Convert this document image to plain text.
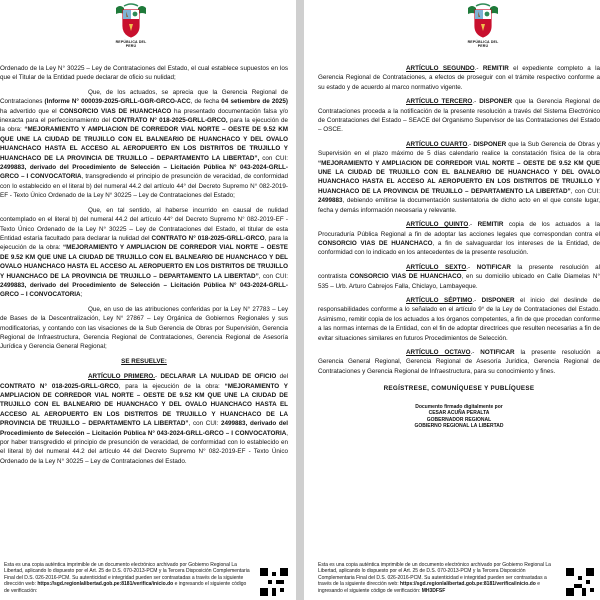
REPÚBLICA DEL PERÚ

Ordenado de la Ley N° 30225 – Ley de Contrataciones del Estado, el cual establece supuestos en los que el Titular de la Entidad puede declarar de oficio su nulidad;

Que, de los actuados, se aprecia que la Gerencia Regional de Contrataciones (Informe N° 000039-2025-GRLL-GGR-GRCO-ACC, de fecha 04 setiembre de 2025) ha advertido que el CONSORCIO VIAS DE HUANCHACO ha presentado documentación falsa y/o inexacta para el perfeccionamiento del CONTRATO N° 018-2025-GRLL-GRCO, para la ejecución de la obra: “MEJORAMIENTO Y AMPLIACION DE CORREDOR VIAL NORTE – OESTE DE 9.52 KM QUE UNE LA CIUDAD DE TRUJILLO CON EL BALNEARIO DE HUANCHACO Y DEL OVALO HUANCHACO HASTA EL ACCESO AL AEROPUERTO EN LOS DISTRITOS DE TRUJILLO Y HUANCHACO DE LA PROVINCIA DE TRUJILLO – DEPARTAMENTO LA LIBERTAD”, con CUI: 2499883, derivado del Procedimiento de Selección – Licitación Pública N° 043-2024-GRLL-GRCO – I CONVOCATORIA, transgrediendo el principio de presunción de veracidad, de conformidad con lo establecido en el literal b) del numeral 44.2 del artículo 44° del Decreto Supremo N° 082-2019-EF - Texto Único Ordenado de la Ley N° 30225 – Ley de Contrataciones del Estado;

Que, en tal sentido, al haberse incurrido en causal de nulidad contemplado en el literal b) del numeral 44.2 del artículo 44° del Decreto Supremo N° 082-2019-EF - Texto Único Ordenado de la Ley N° 30225 – Ley de Contrataciones del Estado, el titular de esta Entidad estaría facultado para declarar la nulidad del CONTRATO N° 018-2025-GRLL-GRCO, para la ejecución de la obra: “MEJORAMIENTO Y AMPLIACION DE CORREDOR VIAL NORTE – OESTE DE 9.52 KM QUE UNE LA CIUDAD DE TRUJILLO CON EL BALNEARIO DE HUANCHACO Y DEL OVALO HUANCHACO HASTA EL ACCESO AL AEROPUERTO EN LOS DISTRITOS DE TRUJILLO Y HUANCHACO DE LA PROVINCIA DE TRUJILLO – DEPARTAMENTO LA LIBERTAD”, con CUI: 2499883, derivado del Procedimiento de Selección – Licitación Pública N° 043-2024-GRLL-GRCO – I CONVOCATORIA;

Que, en uso de las atribuciones conferidas por la Ley N° 27783 – Ley de Bases de la Descentralización, Ley N° 27867 – Ley Orgánica de Gobiernos Regionales y sus modificatorias, y contando con las visaciones de la Sub Gerencia de Obras por Supervisión, Gerencia Regional de Infraestructura, Gerencia Regional de Contrataciones, Gerencia Regional de Asesoría Jurídica y Gerencia General Regional;

SE RESUELVE:

ARTÍCULO PRIMERO.- DECLARAR LA NULIDAD DE OFICIO del CONTRATO N° 018-2025-GRLL-GRCO, para la ejecución de la obra: “MEJORAMIENTO Y AMPLIACION DE CORREDOR VIAL NORTE – OESTE DE 9.52 KM QUE UNE LA CIUDAD DE TRUJILLO CON EL BALNEARIO DE HUANCHACO Y DEL OVALO HUANCHACO HASTA EL ACCESO AL AEROPUERTO EN LOS DISTRITOS DE TRUJILLO Y HUANCHACO DE LA PROVINCIA DE TRUJILLO – DEPARTAMENTO LA LIBERTAD”, con CUI: 2499883, derivado del Procedimiento de Selección – Licitación Pública N° 043-2024-GRLL-GRCO – I CONVOCATORIA, por haber transgredido el principio de presunción de veracidad, de conformidad con lo establecido en el literal b) del numeral 44.2 del artículo 44 del Decreto Supremo N° 082-2019-EF - Texto Único Ordenado de la Ley N° 30225 – Ley de Contrataciones del Estado.

Esta es una copia auténtica imprimible de un documento electrónico archivado por Gobierno Regional La Libertad, aplicando lo dispuesto por el Art. 25 de D.S. 070-2013-PCM y la Tercera Disposición Complementaria Final del D.S. 026-2016-PCM. Su autenticidad e integridad pueden ser contrastadas a través de la siguiente dirección web: https://sgd.regionlalibertad.gob.pe:8181/verifica/inicio.do e ingresando el siguiente código de verificación:
REPÚBLICA DEL PERÚ

ARTÍCULO SEGUNDO.- REMITIR el expediente completo a la Gerencia Regional de Contrataciones, a efectos de proseguir con el trámite respectivo conforme a su estado y de acuerdo al marco normativo vigente.

ARTÍCULO TERCERO.- DISPONER que la Gerencia Regional de Contrataciones proceda a la notificación de la presente resolución a través del Sistema Electrónico de Contrataciones del Estado – SEACE del Organismo Supervisor de las Contrataciones del Estado – OSCE.

ARTÍCULO CUARTO.- DISPONER que la Sub Gerencia de Obras y Supervisión en el plazo máximo de 5 días calendario realice la constatación física de la obra “MEJORAMIENTO Y AMPLIACION DE CORREDOR VIAL NORTE – OESTE DE 9.52 KM QUE UNE LA CIUDAD DE TRUJILLO CON EL BALNEARIO DE HUANCHACO Y DEL OVALO HUANCHACO HASTA EL ACCESO AL AEROPUERTO EN LOS DISTRITOS DE TRUJILLO Y HUANCHACO DE LA PROVINCIA DE TRUJILLO – DEPARTAMENTO LA LIBERTAD”, con CUI: 2499883, debiendo emitirse la documentación sustentatoria de dicho acto en el que conste lugar, fecha y demás información necesaria y relevante.

ARTÍCULO QUINTO.- REMITIR copia de los actuados a la Procuraduría Pública Regional a fin de adoptar las acciones legales que correspondan contra el CONSORCIO VIAS DE HUANCHACO, a fin de salvaguardar los intereses de la Entidad, de conformidad con lo indicado en los antecedentes de la presente resolución.

ARTÍCULO SEXTO.- NOTIFICAR la presente resolución al contratista CONSORCIO VIAS DE HUANCHACO, en su domicilio ubicado en Calle Diamelas N° 535 – Urb. Arturo Cabrejos Falla, Chiclayo, Lambayeque.

ARTÍCULO SÉPTIMO.- DISPONER el inicio del deslinde de responsabilidades conforme a lo señalado en el artículo 9° de la Ley de Contrataciones del Estado. Asimismo, remitir copia de los actuados a los órganos competentes, a fin de que procedan conforme a las normas internas de la Entidad, con el fin de adoptar directrices que resulten necesarias a fin de evitar situaciones similares en futuros Procedimientos de Selección.

ARTÍCULO OCTAVO.- NOTIFICAR la presente resolución a Gerencia General Regional, Gerencia Regional de Asesoría Jurídica, Gerencia Regional de Contrataciones y Gerencia Regional de Infraestructura, para su conocimiento y fines.

REGÍSTRESE, COMUNÍQUESE Y PUBLÍQUESE
Documento firmado digitalmente por
CESAR ACUÑA PERALTA
GOBERNADOR REGIONAL
GOBIERNO REGIONAL LA LIBERTAD
Esta es una copia auténtica imprimible de un documento electrónico archivado por Gobierno Regional La Libertad, aplicando lo dispuesto por el Art. 25 de D.S. 070-2013-PCM y la Tercera Disposición Complementaria Final del D.S. 026-2016-PCM. Su autenticidad e integridad pueden ser contrastadas a través de la siguiente dirección web: https://sgd.regionlalibertad.gob.pe:8181/verifica/inicio.do e ingresando el siguiente código de verificación: MH3DFSF
